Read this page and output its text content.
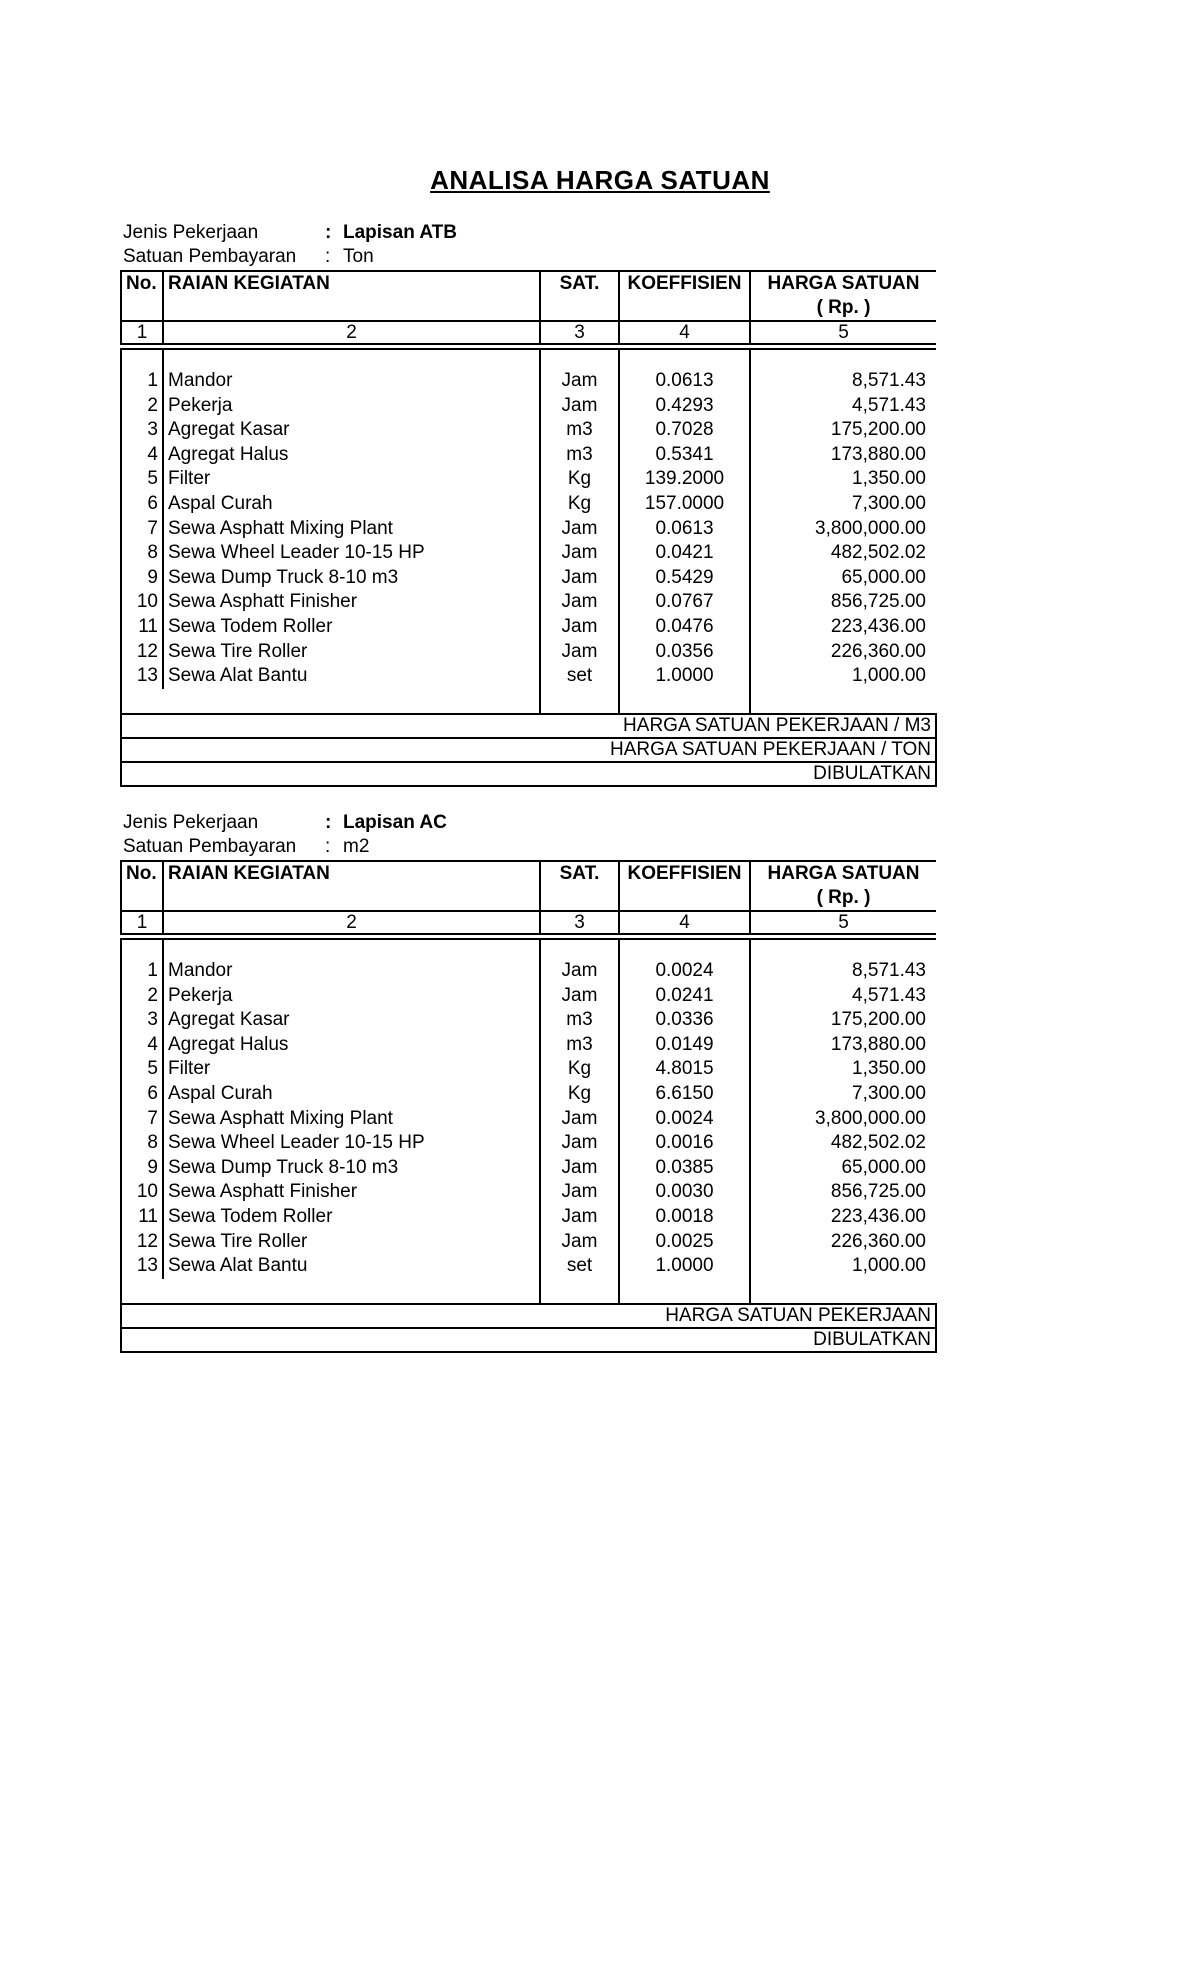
ANALISA HARGA SATUAN
Jenis Pekerjaan	: Lapisan ATB
Satuan Pembayaran : Ton
No.	RAIAN KEGIATAN	SAT.	KOEFFISIEN	HARGA SATUAN
				( Rp. )
1	2	3	4	5

1	Mandor	Jam	0.0613	8,571.43
2	Pekerja	Jam	0.4293	4,571.43
3	Agregat Kasar	m3	0.7028	175,200.00
4	Agregat Halus	m3	0.5341	173,880.00
5	Filter	Kg	139.2000	1,350.00
6	Aspal Curah	Kg	157.0000	7,300.00
7	Sewa Asphatt Mixing Plant	Jam	0.0613	3,800,000.00
8	Sewa Wheel Leader 10-15 HP	Jam	0.0421	482,502.02
9	Sewa Dump Truck 8-10 m3	Jam	0.5429	65,000.00
10	Sewa Asphatt Finisher	Jam	0.0767	856,725.00
11	Sewa Todem Roller	Jam	0.0476	223,436.00
12	Sewa Tire Roller	Jam	0.0356	226,360.00
13	Sewa Alat Bantu	set	1.0000	1,000.00

HARGA SATUAN PEKERJAAN / M3				
HARGA SATUAN PEKERJAAN / TON				
DIBULATKAN				
Jenis Pekerjaan	: Lapisan AC
Satuan Pembayaran : m2
No.	RAIAN KEGIATAN	SAT.	KOEFFISIEN	HARGA SATUAN
				( Rp. )
1	2	3	4	5

1	Mandor	Jam	0.0024	8,571.43
2	Pekerja	Jam	0.0241	4,571.43
3	Agregat Kasar	m3	0.0336	175,200.00
4	Agregat Halus	m3	0.0149	173,880.00
5	Filter	Kg	4.8015	1,350.00
6	Aspal Curah	Kg	6.6150	7,300.00
7	Sewa Asphatt Mixing Plant	Jam	0.0024	3,800,000.00
8	Sewa Wheel Leader 10-15 HP	Jam	0.0016	482,502.02
9	Sewa Dump Truck 8-10 m3	Jam	0.0385	65,000.00
10	Sewa Asphatt Finisher	Jam	0.0030	856,725.00
11	Sewa Todem Roller	Jam	0.0018	223,436.00
12	Sewa Tire Roller	Jam	0.0025	226,360.00
13	Sewa Alat Bantu	set	1.0000	1,000.00

HARGA SATUAN PEKERJAAN				
DIBULATKAN				
